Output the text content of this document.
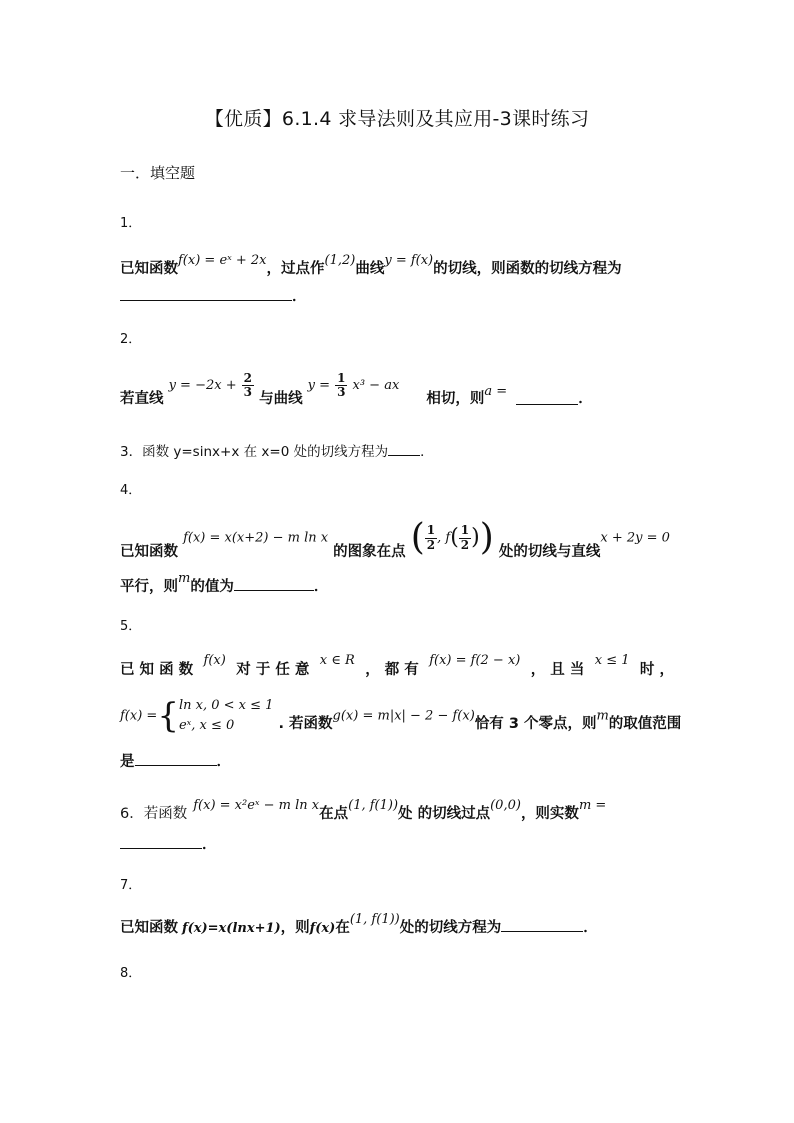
【优质】6.1.4 求导法则及其应用-3课时练习
一．填空题
1．
已知函数f(x) = eˣ + 2x，过点作(1,2)曲线y = f(x)的切线，则函数的切线方程为
．
2．
若直线 $y = -2x + \frac{2}{3}$
与曲线 $y = \frac{1}{3} x^3$ − ax 相切，则a =	．
3．函数 y=sinx+x 在 x=0 处的切线方程为 ．
4．
已知函数 f(x) = x(x+2) − m ln x 的图象在点 ( $\frac{1}{2}$ , $f( \frac{1}{2}$ )) 处的切线与直线x + 2y = 0
平行，则m的值为	．
5．
已 知 函 数
f(x)
对 于 任 意
x ∈ R
， 都 有
f(x) = f(2 − x)
， 且 当
x ≤ 1
时 ，
f(x) ={ ln x, 0 < x ≤ 1
eˣ, x ≤ 0	. 若函数g(x) = m|x| − 2 − f(x)恰有 3 个零点，则m的取值范围
是	．
6．若函数f(x) = x²eˣ − m ln x在点(1, f(1))处 的切线过点(0,0)，则实数m =
．
7．
已知函数 f(x)=x(lnx+1)，则f(x)在(1, f(1))处的切线方程为	．
8．
